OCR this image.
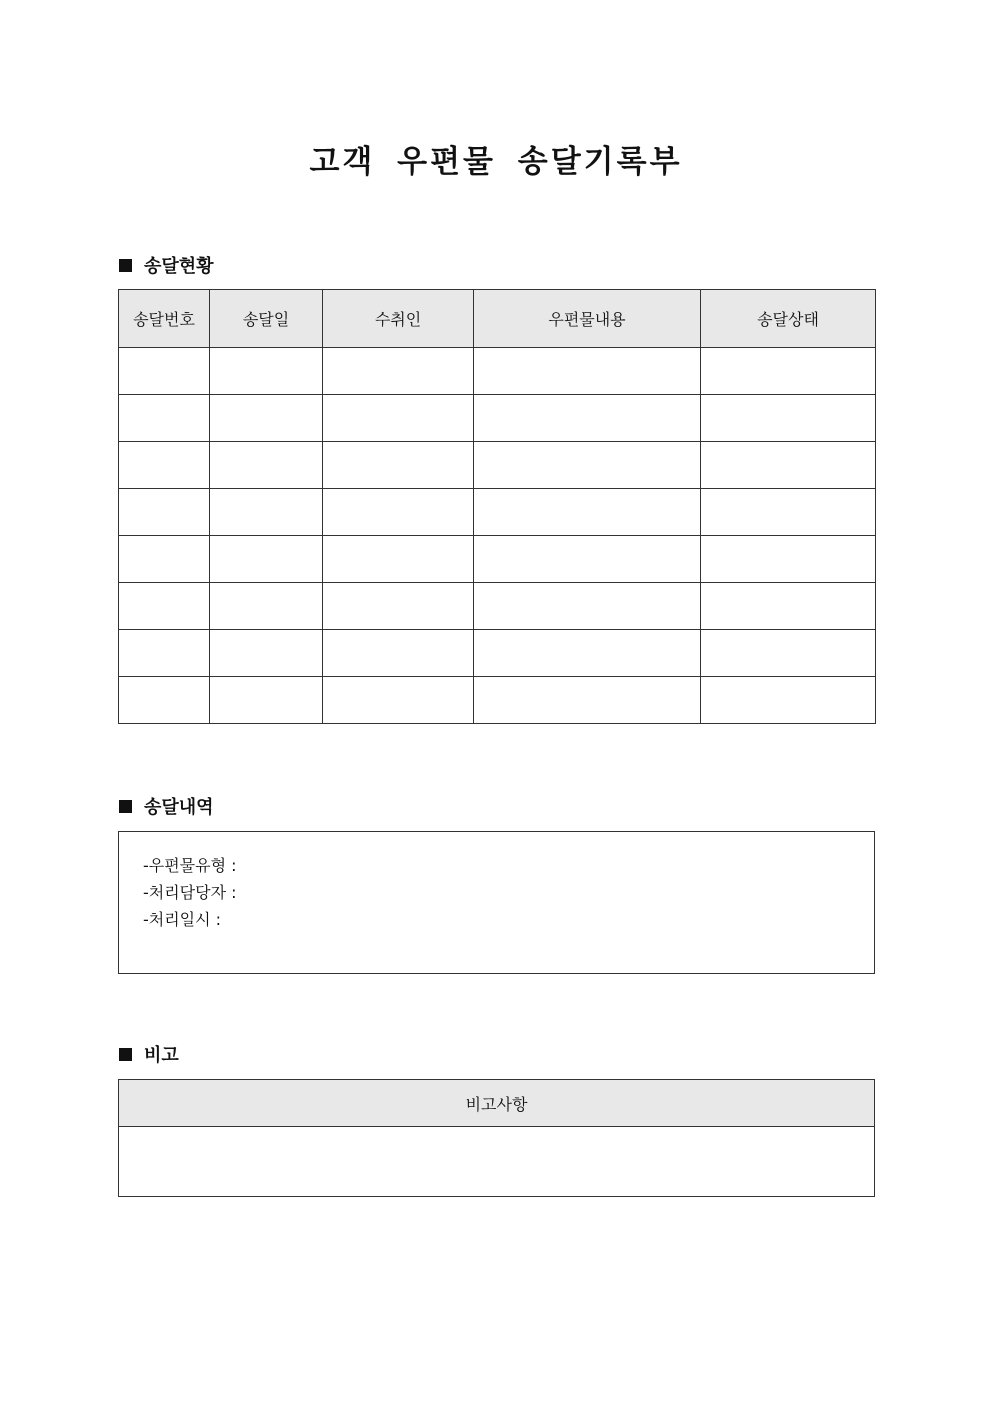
고객 우편물 송달기록부
송달현황
송달번호	송달일	수취인	우편물내용	송달상태

송달내역
-우편물유형 :
-처리담당자 :
-처리일시 :
비고
비고사항
